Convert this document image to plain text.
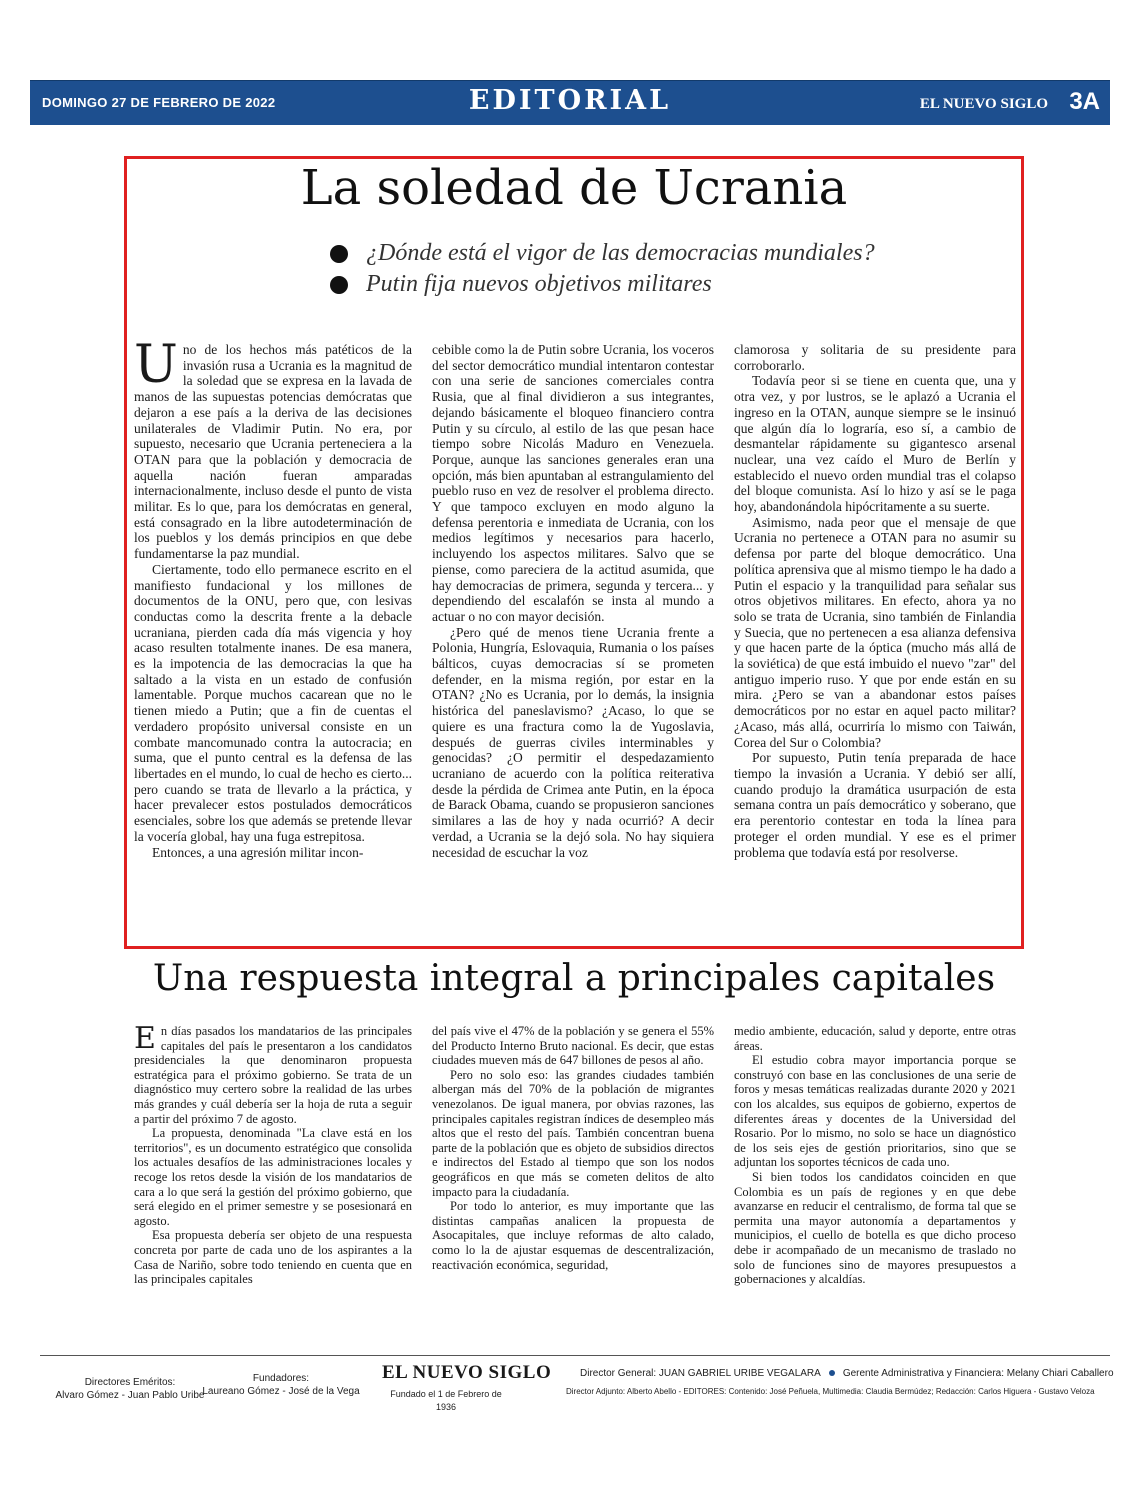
DOMINGO 27 DE FEBRERO DE 2022	EDITORIAL	EL NUEVO SIGLO 3A
La soledad de Ucrania
¿Dónde está el vigor de las democracias mundiales?
Putin fija nuevos objetivos militares

Uno de los hechos más patéticos de la invasión rusa a Ucrania es la magnitud de la soledad que se expresa en la lavada de manos de las supuestas potencias demócratas que dejaron a ese país a la deriva de las decisiones unilaterales de Vladimir Putin. No era, por supuesto, necesario que Ucrania perteneciera a la OTAN para que la población y democracia de aquella nación fueran amparadas internacionalmente, incluso desde el punto de vista militar. Es lo que, para los demócratas en general, está consagrado en la libre autodeterminación de los pueblos y los demás principios en que debe fundamentarse la paz mundial.

Ciertamente, todo ello permanece escrito en el manifiesto fundacional y los millones de documentos de la ONU, pero que, con lesivas conductas como la descrita frente a la debacle ucraniana, pierden cada día más vigencia y hoy acaso resulten totalmente inanes. De esa manera, es la impotencia de las democracias la que ha saltado a la vista en un estado de confusión lamentable. Porque muchos cacarean que no le tienen miedo a Putin; que a fin de cuentas el verdadero propósito universal consiste en un combate mancomunado contra la autocracia; en suma, que el punto central es la defensa de las libertades en el mundo, lo cual de hecho es cierto... pero cuando se trata de llevarlo a la práctica, y hacer prevalecer estos postulados democráticos esenciales, sobre los que además se pretende llevar la vocería global, hay una fuga estrepitosa.

Entonces, a una agresión militar incon-

cebible como la de Putin sobre Ucrania, los voceros del sector democrático mundial intentaron contestar con una serie de sanciones comerciales contra Rusia, que al final dividieron a sus integrantes, dejando básicamente el bloqueo financiero contra Putin y su círculo, al estilo de las que pesan hace tiempo sobre Nicolás Maduro en Venezuela. Porque, aunque las sanciones generales eran una opción, más bien apuntaban al estrangulamiento del pueblo ruso en vez de resolver el problema directo. Y que tampoco excluyen en modo alguno la defensa perentoria e inmediata de Ucrania, con los medios legítimos y necesarios para hacerlo, incluyendo los aspectos militares. Salvo que se piense, como pareciera de la actitud asumida, que hay democracias de primera, segunda y tercera... y dependiendo del escalafón se insta al mundo a actuar o no con mayor decisión.

¿Pero qué de menos tiene Ucrania frente a Polonia, Hungría, Eslovaquia, Rumania o los países bálticos, cuyas democracias sí se prometen defender, en la misma región, por estar en la OTAN? ¿No es Ucrania, por lo demás, la insignia histórica del paneslavismo? ¿Acaso, lo que se quiere es una fractura como la de Yugoslavia, después de guerras civiles interminables y genocidas? ¿O permitir el despedazamiento ucraniano de acuerdo con la política reiterativa desde la pérdida de Crimea ante Putin, en la época de Barack Obama, cuando se propusieron sanciones similares a las de hoy y nada ocurrió? A decir verdad, a Ucrania se la dejó sola. No hay siquiera necesidad de escuchar la voz

clamorosa y solitaria de su presidente para corroborarlo.

Todavía peor si se tiene en cuenta que, una y otra vez, y por lustros, se le aplazó a Ucrania el ingreso en la OTAN, aunque siempre se le insinuó que algún día lo lograría, eso sí, a cambio de desmantelar rápidamente su gigantesco arsenal nuclear, una vez caído el Muro de Berlín y establecido el nuevo orden mundial tras el colapso del bloque comunista. Así lo hizo y así se le paga hoy, abandonándola hipócritamente a su suerte.

Asimismo, nada peor que el mensaje de que Ucrania no pertenece a OTAN para no asumir su defensa por parte del bloque democrático. Una política aprensiva que al mismo tiempo le ha dado a Putin el espacio y la tranquilidad para señalar sus otros objetivos militares. En efecto, ahora ya no solo se trata de Ucrania, sino también de Finlandia y Suecia, que no pertenecen a esa alianza defensiva y que hacen parte de la óptica (mucho más allá de la soviética) de que está imbuido el nuevo "zar" del antiguo imperio ruso. Y que por ende están en su mira. ¿Pero se van a abandonar estos países democráticos por no estar en aquel pacto militar? ¿Acaso, más allá, ocurriría lo mismo con Taiwán, Corea del Sur o Colombia?

Por supuesto, Putin tenía preparada de hace tiempo la invasión a Ucrania. Y debió ser allí, cuando produjo la dramática usurpación de esta semana contra un país democrático y soberano, que era perentorio contestar en toda la línea para proteger el orden mundial. Y ese es el primer problema que todavía está por resolverse.

Una respuesta integral a principales capitales

En días pasados los mandatarios de las principales capitales del país le presentaron a los candidatos presidenciales la que denominaron propuesta estratégica para el próximo gobierno. Se trata de un diagnóstico muy certero sobre la realidad de las urbes más grandes y cuál debería ser la hoja de ruta a seguir a partir del próximo 7 de agosto.

La propuesta, denominada "La clave está en los territorios", es un documento estratégico que consolida los actuales desafíos de las administraciones locales y recoge los retos desde la visión de los mandatarios de cara a lo que será la gestión del próximo gobierno, que será elegido en el primer semestre y se posesionará en agosto.

Esa propuesta debería ser objeto de una respuesta concreta por parte de cada uno de los aspirantes a la Casa de Nariño, sobre todo teniendo en cuenta que en las principales capitales

del país vive el 47% de la población y se genera el 55% del Producto Interno Bruto nacional. Es decir, que estas ciudades mueven más de 647 billones de pesos al año.

Pero no solo eso: las grandes ciudades también albergan más del 70% de la población de migrantes venezolanos. De igual manera, por obvias razones, las principales capitales registran índices de desempleo más altos que el resto del país. También concentran buena parte de la población que es objeto de subsidios directos e indirectos del Estado al tiempo que son los nodos geográficos en que más se cometen delitos de alto impacto para la ciudadanía.

Por todo lo anterior, es muy importante que las distintas campañas analicen la propuesta de Asocapitales, que incluye reformas de alto calado, como lo la de ajustar esquemas de descentralización, reactivación económica, seguridad,

medio ambiente, educación, salud y deporte, entre otras áreas.

El estudio cobra mayor importancia porque se construyó con base en las conclusiones de una serie de foros y mesas temáticas realizadas durante 2020 y 2021 con los alcaldes, sus equipos de gobierno, expertos de diferentes áreas y docentes de la Universidad del Rosario. Por lo mismo, no solo se hace un diagnóstico de los seis ejes de gestión prioritarios, sino que se adjuntan los soportes técnicos de cada uno.

Si bien todos los candidatos coinciden en que Colombia es un país de regiones y en que debe avanzarse en reducir el centralismo, de forma tal que se permita una mayor autonomía a departamentos y municipios, el cuello de botella es que dicho proceso debe ir acompañado de un mecanismo de traslado no solo de funciones sino de mayores presupuestos a gobernaciones y alcaldías.

Directores Eméritos:
Alvaro Gómez - Juan Pablo Uribe
Fundadores:
Laureano Gómez - José de la Vega
EL NUEVO SIGLO
Fundado el 1 de Febrero de 1936
Director General: JUAN GABRIEL URIBE VEGALARA Gerente Administrativa y Financiera: Melany Chiari Caballero
Director Adjunto: Alberto Abello - EDITORES: Contenido: José Peñuela, Multimedia: Claudia Bermúdez; Redacción: Carlos Higuera - Gustavo Veloza
